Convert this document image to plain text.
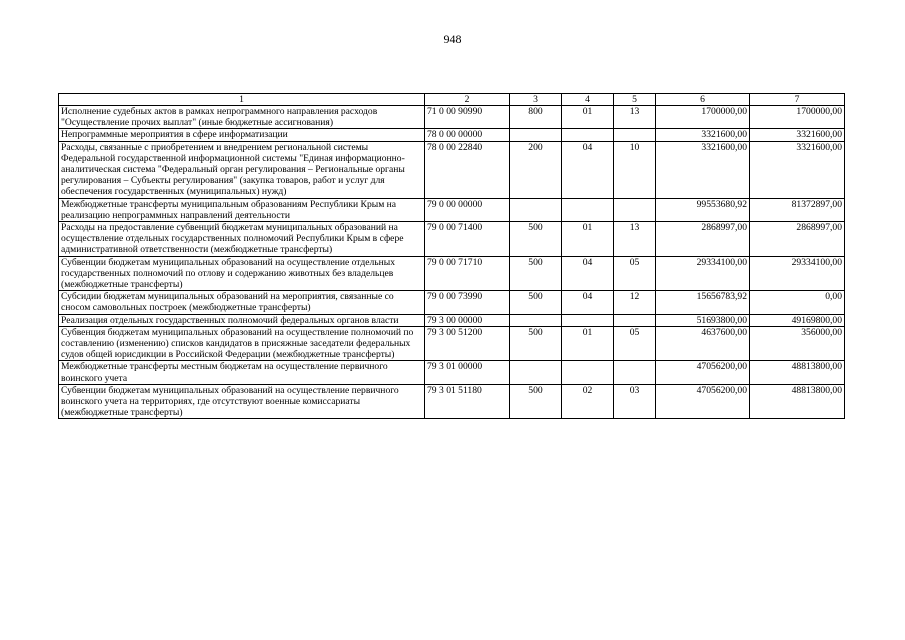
948
1	2	3	4	5	6	7
Исполнение судебных актов в рамках непрограммного направления расходов "Осуществление прочих выплат" (иные бюджетные ассигнования)	71 0 00 90990	800	01	13	1700000,00	1700000,00
Непрограммные мероприятия в сфере информатизации	78 0 00 00000				3321600,00	3321600,00
Расходы, связанные с приобретением и внедрением региональной системы Федеральной государственной информационной системы "Единая информационно-аналитическая система "Федеральный орган регулирования – Региональные органы регулирования – Субъекты регулирования" (закупка товаров, работ и услуг для обеспечения государственных (муниципальных) нужд)	78 0 00 22840	200	04	10	3321600,00	3321600,00
Межбюджетные трансферты муниципальным образованиям Республики Крым на реализацию непрограммных направлений деятельности	79 0 00 00000				99553680,92	81372897,00
Расходы на предоставление субвенций бюджетам муниципальных образований на осуществление отдельных государственных полномочий Республики Крым в сфере административной ответственности (межбюджетные трансферты)	79 0 00 71400	500	01	13	2868997,00	2868997,00
Субвенции бюджетам муниципальных образований на осуществление отдельных государственных полномочий по отлову и содержанию животных без владельцев (межбюджетные трансферты)	79 0 00 71710	500	04	05	29334100,00	29334100,00
Субсидии бюджетам муниципальных образований на мероприятия, связанные со сносом самовольных построек (межбюджетные трансферты)	79 0 00 73990	500	04	12	15656783,92	0,00
Реализация отдельных государственных полномочий федеральных органов власти	79 3 00 00000				51693800,00	49169800,00
Субвенция бюджетам муниципальных образований на осуществление полномочий по составлению (изменению) списков кандидатов в присяжные заседатели федеральных судов общей юрисдикции в Российской Федерации (межбюджетные трансферты)	79 3 00 51200	500	01	05	4637600,00	356000,00
Межбюджетные трансферты местным бюджетам на осуществление первичного воинского учета	79 3 01 00000				47056200,00	48813800,00
Субвенции бюджетам муниципальных образований на осуществление первичного воинского учета на территориях, где отсутствуют военные комиссариаты (межбюджетные трансферты)	79 3 01 51180	500	02	03	47056200,00	48813800,00
